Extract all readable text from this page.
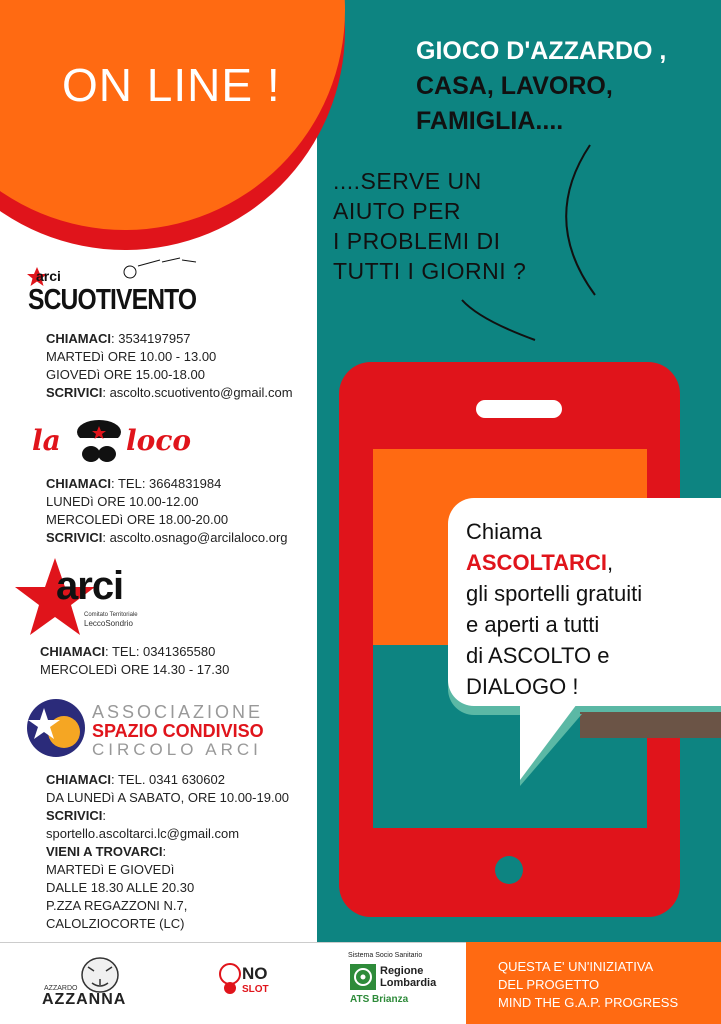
ON LINE !
GIOCO D'AZZARDO ,
CASA, LAVORO,
FAMIGLIA....
....SERVE UN
AIUTO PER
I PROBLEMI DI
TUTTI I GIORNI ?
Chiama
ASCOLTARCI,
gli sportelli gratuiti
e aperti a tutti
di ASCOLTO e
DIALOGO !
arci
SCUOTIVENTO
CHIAMACI: 3534197957
MARTEDì ORE 10.00 - 13.00
GIOVEDì ORE 15.00-18.00
SCRIVICI: ascolto.scuotivento@gmail.com
la loco
CHIAMACI: TEL: 3664831984
LUNEDì ORE 10.00-12.00
MERCOLEDì ORE 18.00-20.00
SCRIVICI: ascolto.osnago@arcilaloco.org
arci
Comitato Territoriale
LeccoSondrio
CHIAMACI: TEL: 0341365580
MERCOLEDì ORE 14.30 - 17.30
ASSOCIAZIONE
SPAZIO CONDIVISO
CIRCOLO ARCI
CHIAMACI: TEL. 0341 630602
DA LUNEDì A SABATO, ORE 10.00-19.00
SCRIVICI:
sportello.ascoltarci.lc@gmail.com
VIENI A TROVARCI:
MARTEDì E GIOVEDì
DALLE 18.30 ALLE 20.30
P.ZZA REGAZZONI N.7,
CALOLZIOCORTE (LC)
AZZARDO
AZZANNA
NO
SLOT
Sistema Socio Sanitario
Regione
Lombardia
ATS Brianza
QUESTA E' UN'INIZIATIVA
DEL PROGETTO
MIND THE G.A.P. PROGRESS
